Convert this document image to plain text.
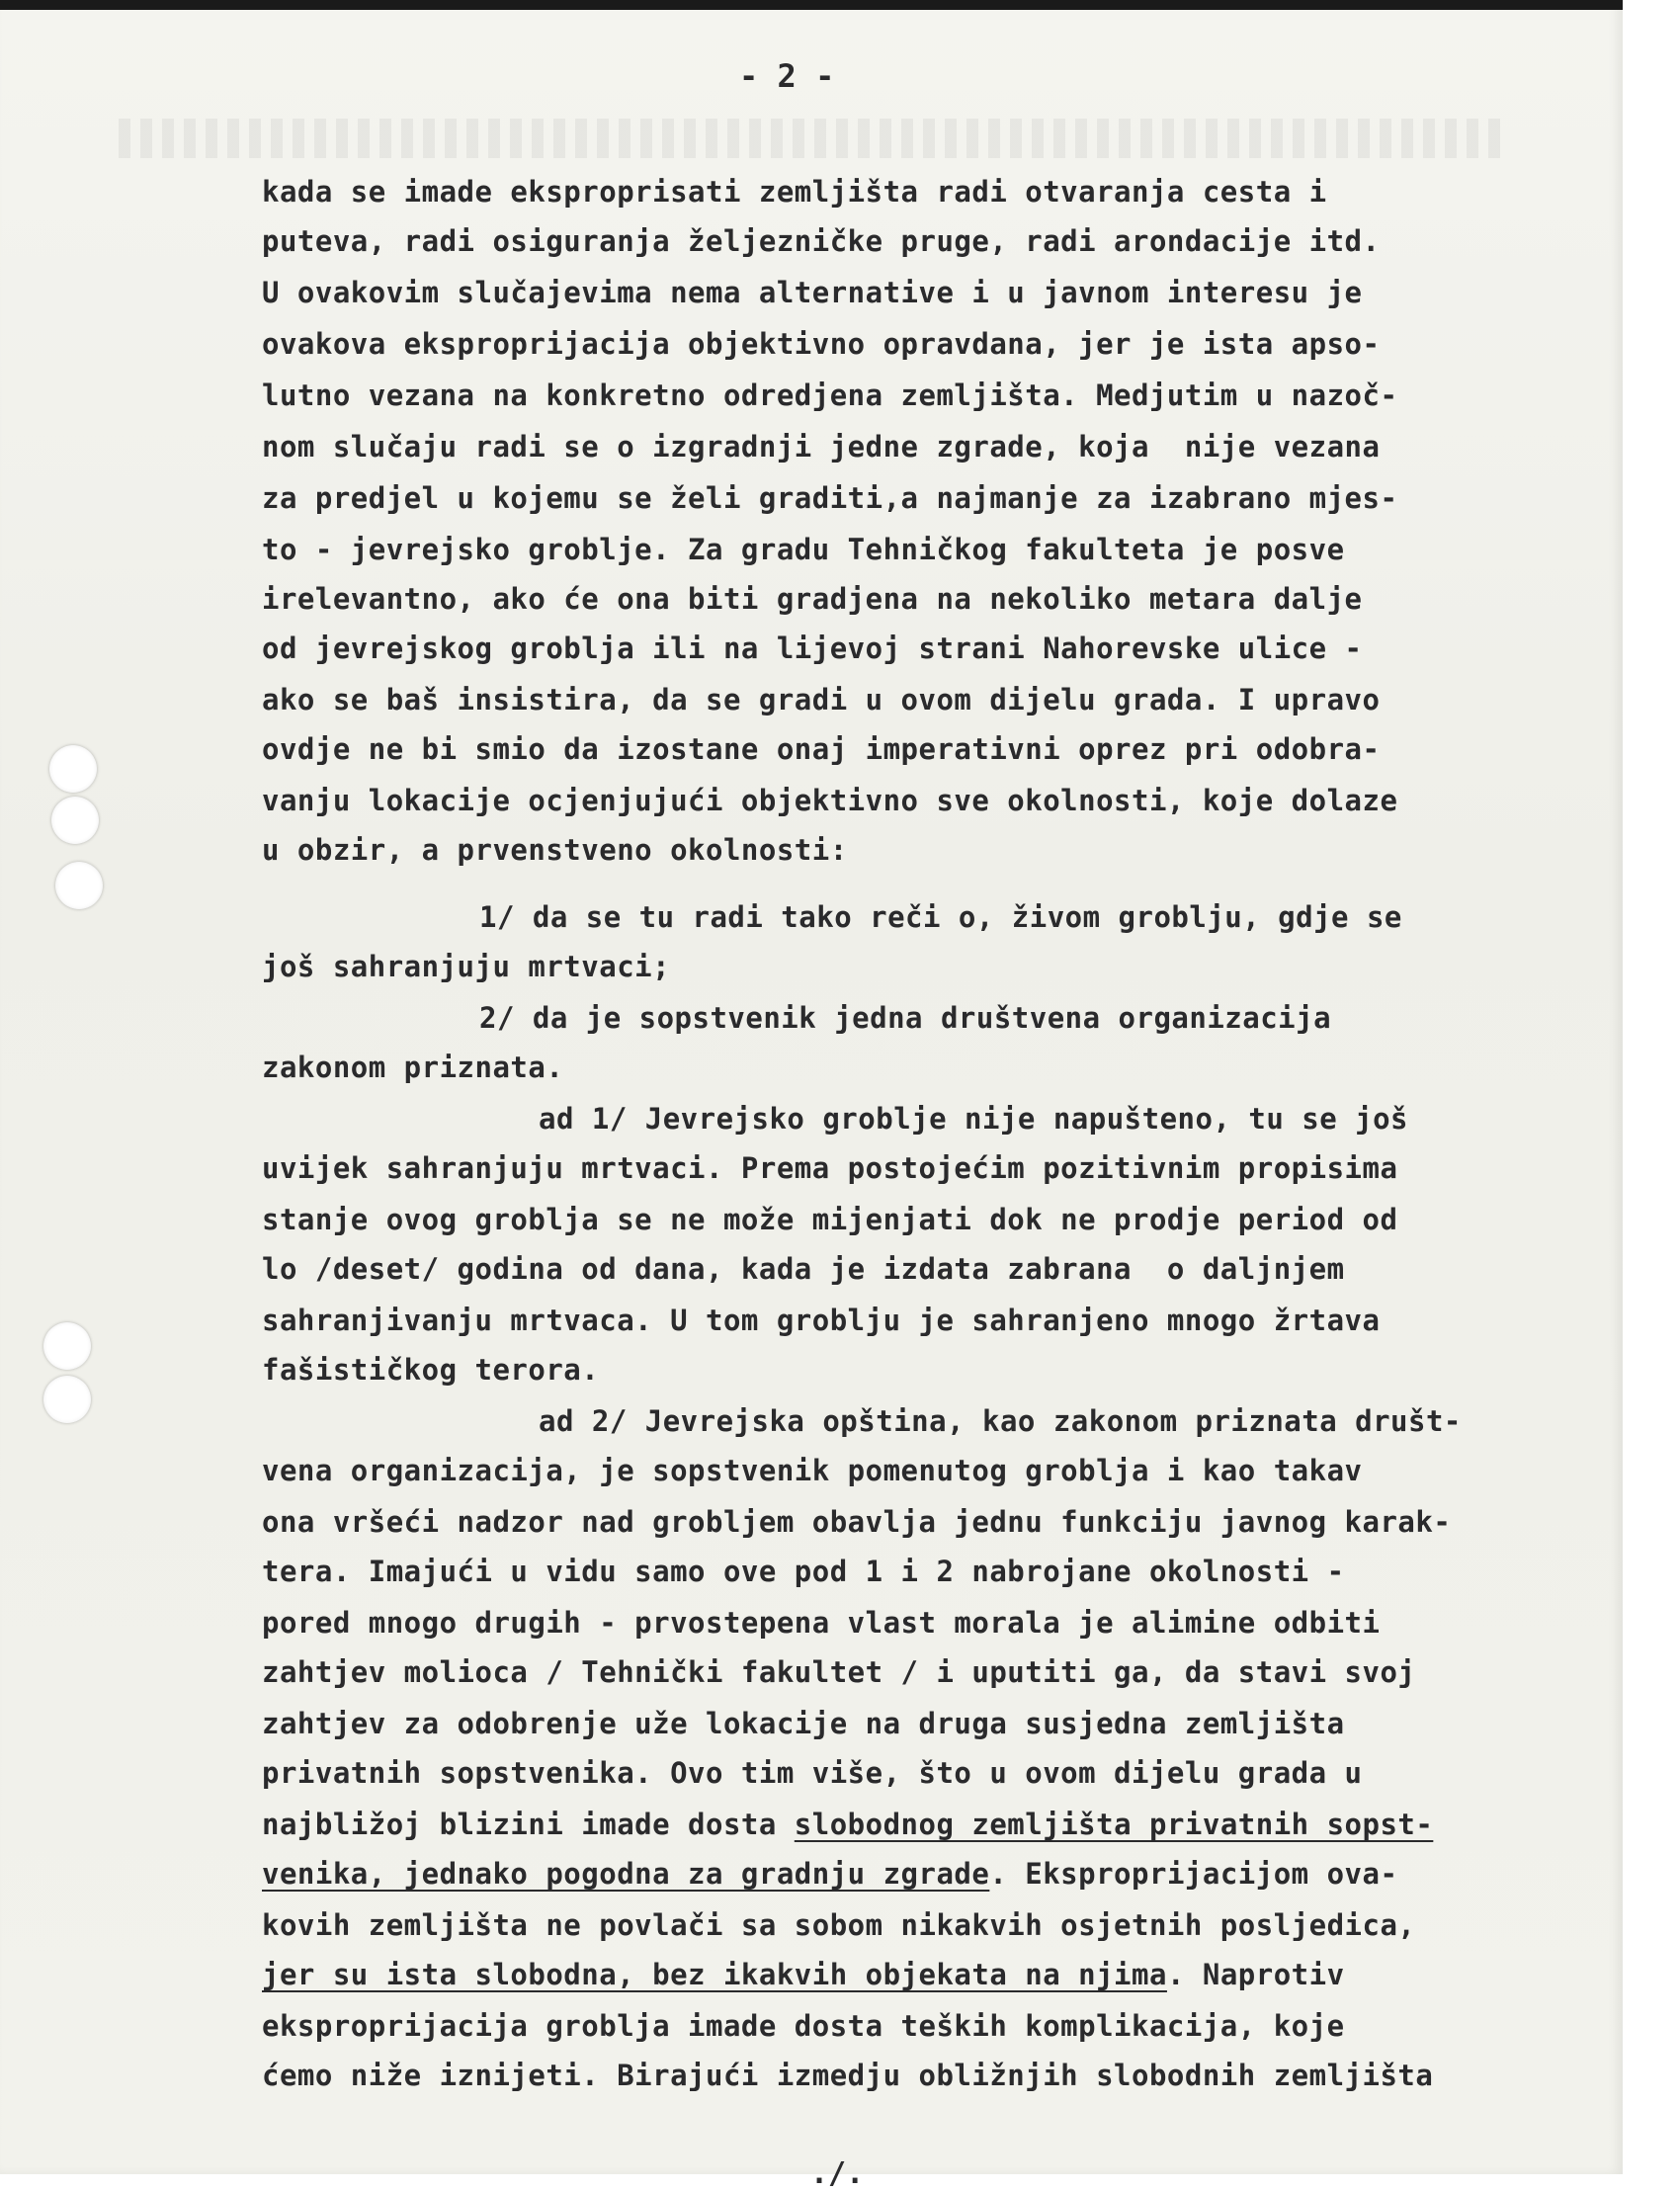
- 2 -
kada se imade eksproprisati zemljišta radi otvaranja cesta i
puteva, radi osiguranja željezničke pruge, radi arondacije itd.
U ovakovim slučajevima nema alternative i u javnom interesu je
ovakova eksproprijacija objektivno opravdana, jer je ista apso-
lutno vezana na konkretno odredjena zemljišta. Medjutim u nazoč-
nom slučaju radi se o izgradnji jedne zgrade, koja  nije vezana
za predjel u kojemu se želi graditi,a najmanje za izabrano mjes-
to - jevrejsko groblje. Za gradu Tehničkog fakulteta je posve
irelevantno, ako će ona biti gradjena na nekoliko metara dalje
od jevrejskog groblja ili na lijevoj strani Nahorevske ulice -
ako se baš insistira, da se gradi u ovom dijelu grada. I upravo
ovdje ne bi smio da izostane onaj imperativni oprez pri odobra-
vanju lokacije ocjenjujući objektivno sve okolnosti, koje dolaze
u obzir, a prvenstveno okolnosti:
1/ da se tu radi tako reči o, živom groblju, gdje se
još sahranjuju mrtvaci;
2/ da je sopstvenik jedna društvena organizacija
zakonom priznata.
ad 1/ Jevrejsko groblje nije napušteno, tu se još
uvijek sahranjuju mrtvaci. Prema postojećim pozitivnim propisima
stanje ovog groblja se ne može mijenjati dok ne prodje period od
lo /deset/ godina od dana, kada je izdata zabrana  o daljnjem
sahranjivanju mrtvaca. U tom groblju je sahranjeno mnogo žrtava
fašističkog terora.
ad 2/ Jevrejska opština, kao zakonom priznata društ-
vena organizacija, je sopstvenik pomenutog groblja i kao takav
ona vršeći nadzor nad grobljem obavlja jednu funkciju javnog karak-
tera. Imajući u vidu samo ove pod 1 i 2 nabrojane okolnosti -
pored mnogo drugih - prvostepena vlast morala je alimine odbiti
zahtjev molioca / Tehnički fakultet / i uputiti ga, da stavi svoj
zahtjev za odobrenje uže lokacije na druga susjedna zemljišta
privatnih sopstvenika. Ovo tim više, što u ovom dijelu grada u
najbližoj blizini imade dosta slobodnog zemljišta privatnih sopst-
venika, jednako pogodna za gradnju zgrade. Eksproprijacijom ova-
kovih zemljišta ne povlači sa sobom nikakvih osjetnih posljedica,
jer su ista slobodna, bez ikakvih objekata na njima. Naprotiv
eksproprijacija groblja imade dosta teških komplikacija, koje
ćemo niže iznijeti. Birajući izmedju obližnjih slobodnih zemljišta
./.
